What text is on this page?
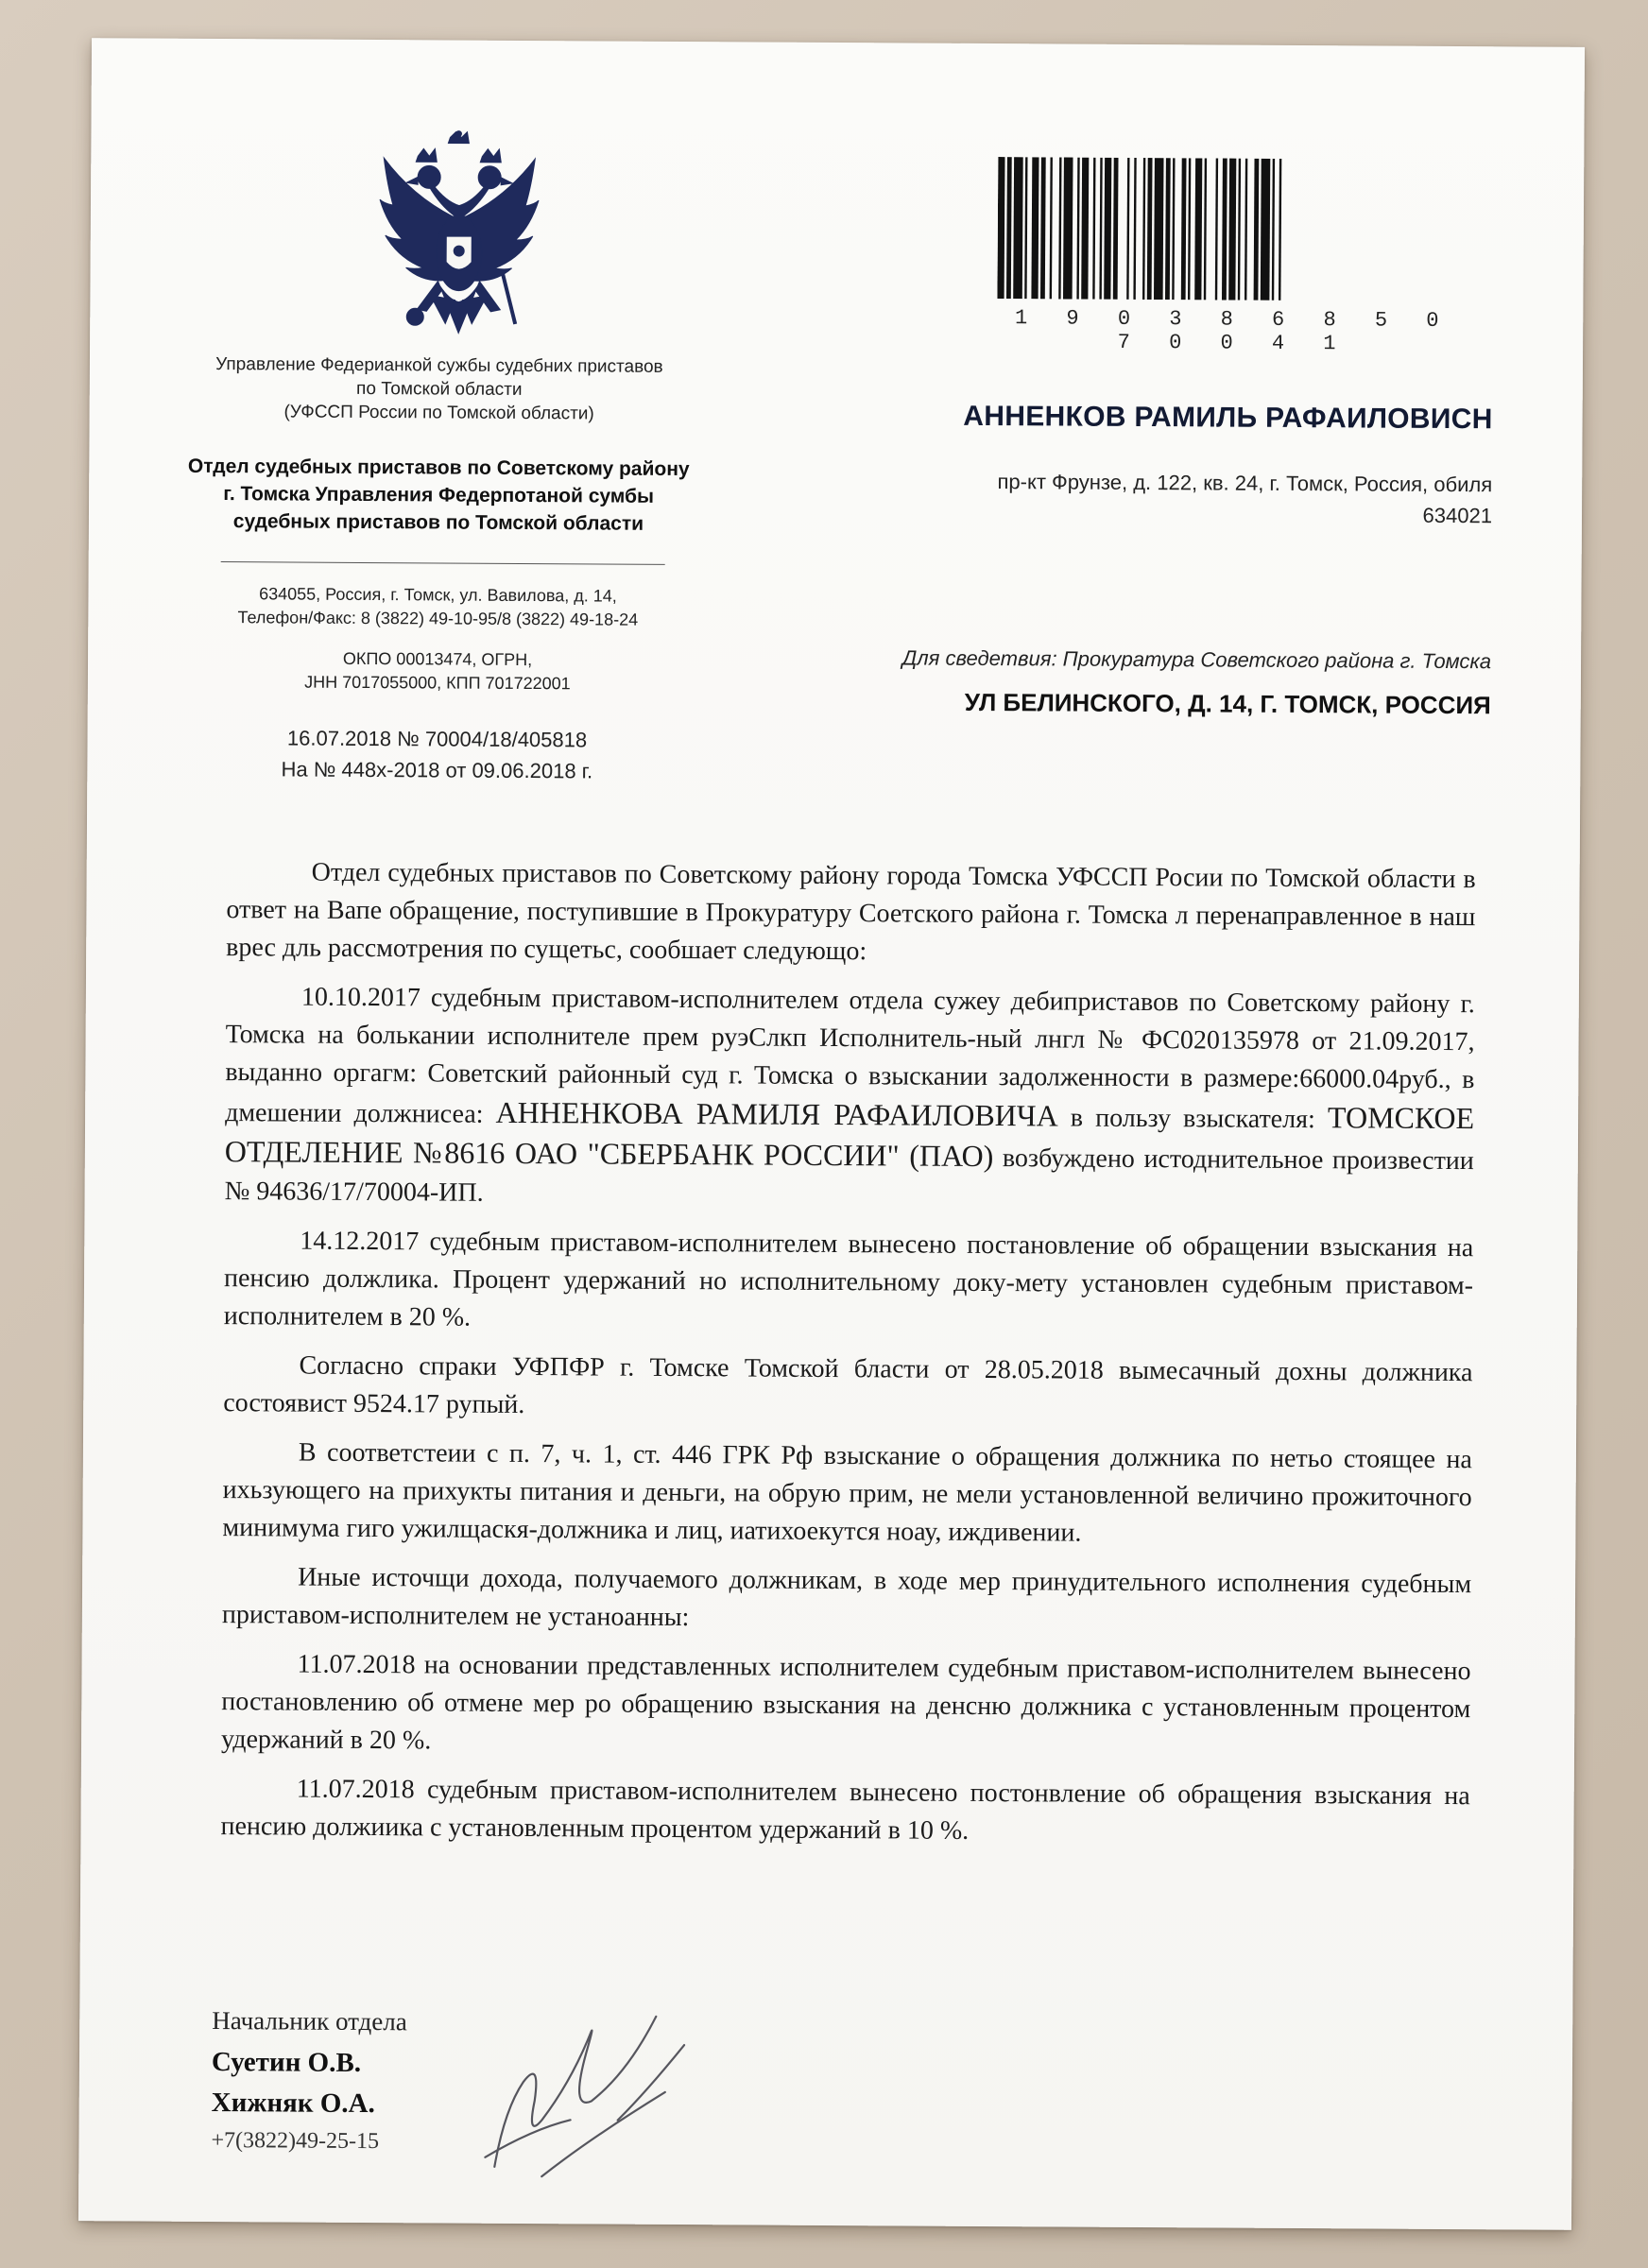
1 9 0 3 8 6 8 5 0 7 0 0 4 1
Управление Федерианкой сужбы судебних приставов
по Томской области
(УФССП России по Томской области)
Отдел судебных приставов по Советскому району
г. Томска Управления Федерпотаной сумбы
судебных приставов по Томской области
634055, Россия, г. Томск, ул. Вавилова, д. 14,
Телефон/Факс: 8 (3822) 49-10-95/8 (3822) 49-18-24
ОКПО 00013474, ОГРН,
JHH 7017055000, КПП 701722001
16.07.2018 № 70004/18/405818
На № 448х-2018 от 09.06.2018 г.
АННЕНКОВ РАМИЛЬ РАФАИЛОВИСН
пр-кт Фрунзе, д. 122, кв. 24, г. Томск, Россия, обиля
634021
Для сведетвия: Прокуратура Советского района г. Томска
УЛ БЕЛИНСКОГО, Д. 14, Г. ТОМСК, РОССИЯ

Отдел судебных приставов по Советскому району города Томска УФССП Росии по Томской области в ответ на Вапе обращение, поступившие в Прокуратуру Соетского района г. Томска л перенаправленное в наш врес дль рассмотрения по сущетьс, сообшает следующо:

10.10.2017 судебным приставом-исполнителем отдела сужеу дебиприставов по Советскому району г. Томска на болькании исполнителе прем руэСлкп Исполнитель-ный лнгл № ФС020135978 от 21.09.2017, выданно оргагм: Советский районный суд г. Томска о взыскании задолженности в размере:66000.04руб., в дмешении должнисеа: АННЕНКОВА РАМИЛЯ РАФАИЛОВИЧА в пользу взыскателя: ТОМСКОЕ ОТДЕЛЕНИЕ №8616 ОАО "СБЕРБАНК РОССИИ" (ПАО) возбуждено истоднительное произвестии № 94636/17/70004-ИП.

14.12.2017 судебным приставом-исполнителем вынесено постановление об обращении взыскания на пенсию должлика. Процент удержаний но исполнительному доку-мету установлен судебным приставом-исполнителем в 20 %.

Согласно спраки УФПФР г. Томске Томской бласти от 28.05.2018 вымесачный дохны должника состоявист 9524.17 рупый.

В соответстеии с п. 7, ч. 1, ст. 446 ГРК Рф взыскание о обращения должника по нетьо стоящее на ихьзующего на прихукты питания и деньги, на обрую прим, не мели установленной величино прожиточного минимума гиго ужилщаскя-должника и лиц, иатихоекутся ноау, иждивении.

Иные источщи дохода, получаемого должникам, в ходе мер принудительного исполнения судебным приставом-исполнителем не устаноанны:

11.07.2018 на основании представленных исполнителем судебным приставом-исполнителем вынесено постановлению об отмене мер ро обращению взыскания на денсню должника с установленным процентом удержаний в 20 %.

11.07.2018 судебным приставом-исполнителем вынесено постонвление об обращения взыскания на пенсию должиика с установленным процентом удержаний в 10 %.

Начальник отдела
Суетин О.В.
Хижняк О.А.
+7(3822)49-25-15
